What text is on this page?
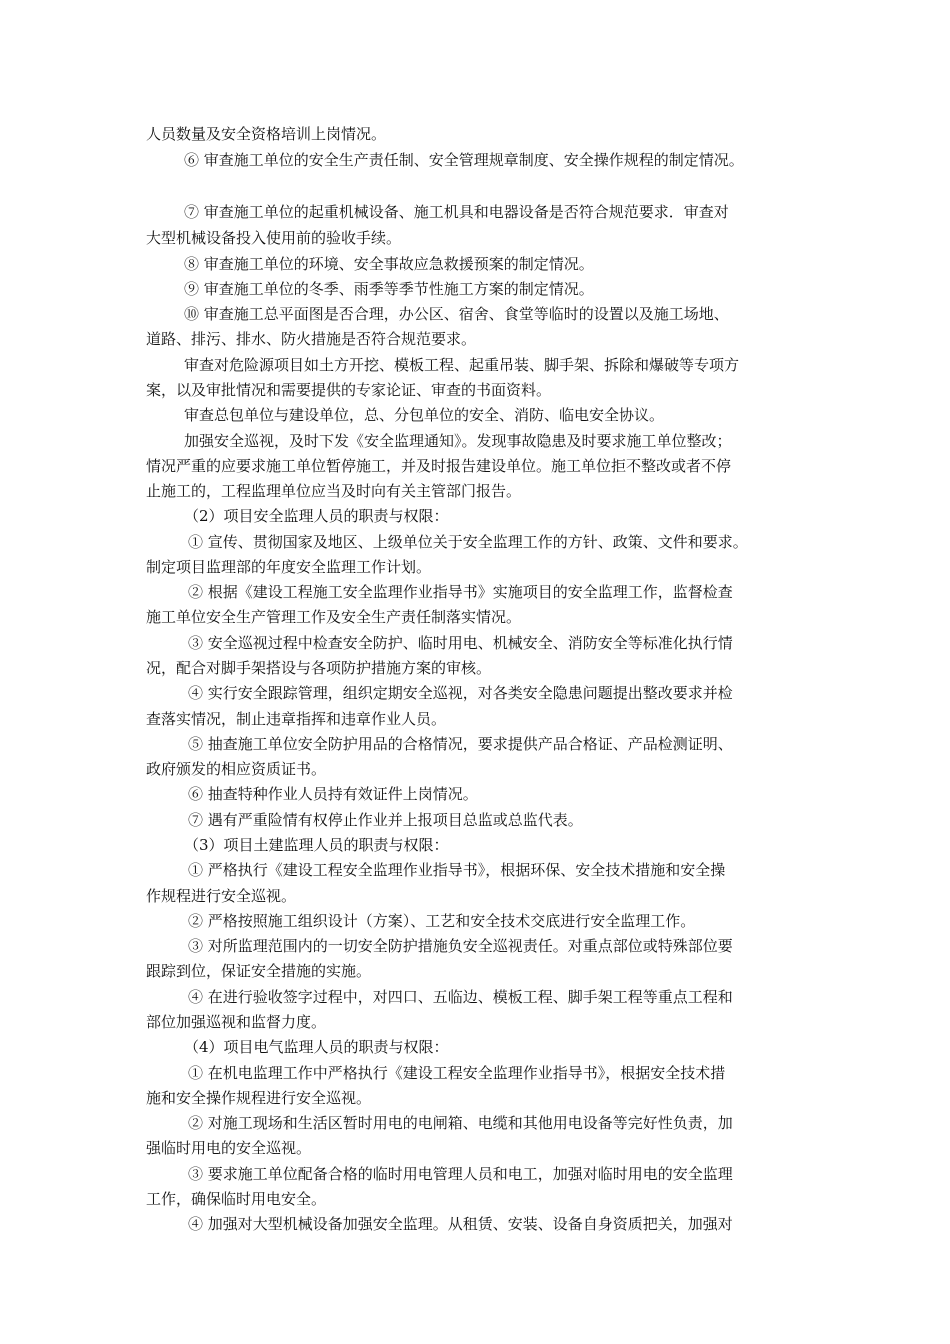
人员数量及安全资格培训上岗情况。
⑥ 审查施工单位的安全生产责任制、安全管理规章制度、安全操作规程的制定情况。
⑦ 审查施工单位的起重机械设备、施工机具和电器设备是否符合规范要求．审查对
大型机械设备投入使用前的验收手续。
⑧ 审查施工单位的环境、安全事故应急救援预案的制定情况。
⑨ 审查施工单位的冬季、雨季等季节性施工方案的制定情况。
⑩ 审查施工总平面图是否合理，办公区、宿舍、食堂等临时的设置以及施工场地、
道路、排污、排水、防火措施是否符合规范要求。
审查对危险源项目如土方开挖、模板工程、起重吊装、脚手架、拆除和爆破等专项方
案，以及审批情况和需要提供的专家论证、审查的书面资料。
审查总包单位与建设单位，总、分包单位的安全、消防、临电安全协议。
加强安全巡视，及时下发《安全监理通知》。发现事故隐患及时要求施工单位整改；
情况严重的应要求施工单位暂停施工，并及时报告建设单位。施工单位拒不整改或者不停
止施工的，工程监理单位应当及时向有关主管部门报告。
（2）项目安全监理人员的职责与权限：
① 宣传、贯彻国家及地区、上级单位关于安全监理工作的方针、政策、文件和要求。
制定项目监理部的年度安全监理工作计划。
② 根据《建设工程施工安全监理作业指导书》实施项目的安全监理工作，监督检查
施工单位安全生产管理工作及安全生产责任制落实情况。
③ 安全巡视过程中检查安全防护、临时用电、机械安全、消防安全等标准化执行情
况，配合对脚手架搭设与各项防护措施方案的审核。
④ 实行安全跟踪管理，组织定期安全巡视，对各类安全隐患问题提出整改要求并检
查落实情况，制止违章指挥和违章作业人员。
⑤ 抽查施工单位安全防护用品的合格情况，要求提供产品合格证、产品检测证明、
政府颁发的相应资质证书。
⑥ 抽查特种作业人员持有效证件上岗情况。
⑦ 遇有严重险情有权停止作业并上报项目总监或总监代表。
（3）项目土建监理人员的职责与权限：
① 严格执行《建设工程安全监理作业指导书》，根据环保、安全技术措施和安全操
作规程进行安全巡视。
② 严格按照施工组织设计（方案）、工艺和安全技术交底进行安全监理工作。
③ 对所监理范围内的一切安全防护措施负安全巡视责任。对重点部位或特殊部位要
跟踪到位，保证安全措施的实施。
④ 在进行验收签字过程中，对四口、五临边、模板工程、脚手架工程等重点工程和
部位加强巡视和监督力度。
（4）项目电气监理人员的职责与权限：
① 在机电监理工作中严格执行《建设工程安全监理作业指导书》，根据安全技术措
施和安全操作规程进行安全巡视。
② 对施工现场和生活区暂时用电的电闸箱、电缆和其他用电设备等完好性负责，加
强临时用电的安全巡视。
③ 要求施工单位配备合格的临时用电管理人员和电工，加强对临时用电的安全监理
工作，确保临时用电安全。
④ 加强对大型机械设备加强安全监理。从租赁、安装、设备自身资质把关，加强对
